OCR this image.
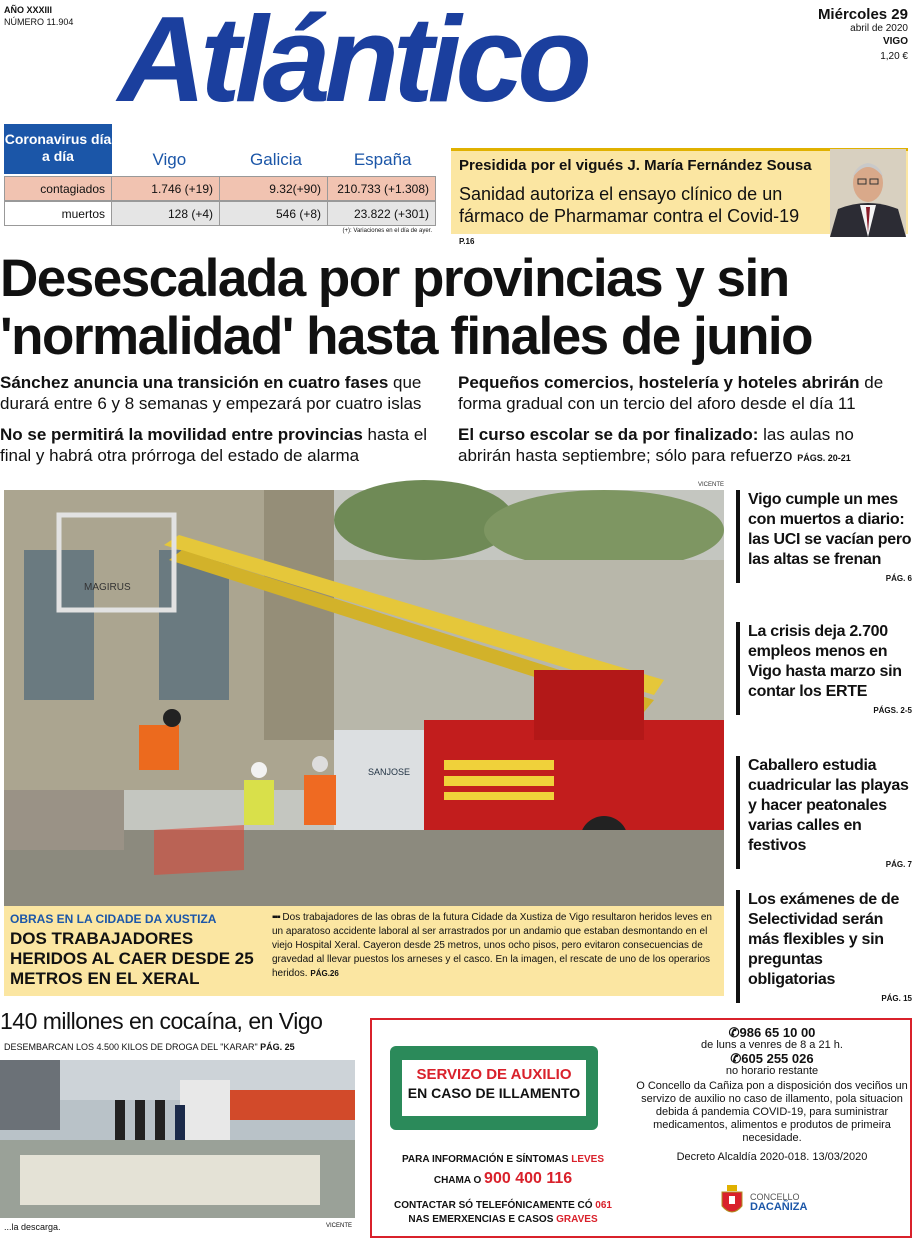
AÑO XXXIII
NÚMERO 11.904 Atlántico	Miércoles 29
abril de 2020
VIGO
1,20 €
Coronavirus día a día	Vigo	Galicia	España
contagiados	1.746 (+19)	9.32(+90)	210.733 (+1.308)
muertos	128 (+4)	546 (+8)	23.822 (+301)
(+): Variaciones en el día de ayer.
Presidida por el vigués J. María Fernández Sousa
Sanidad autoriza el ensayo clínico de un fármaco de Pharmamar contra el Covid-19 P.16
Desescalada por provincias y sin
'normalidad' hasta finales de junio
Sánchez anuncia una transición en cuatro fases que durará entre 6 y 8 semanas y empezará por cuatro islas
Pequeños comercios, hostelería y hoteles abrirán de forma gradual con un tercio del aforo desde el día 11
No se permitirá la movilidad entre provincias hasta el final y habrá otra prórroga del estado de alarma
El curso escolar se da por finalizado: las aulas no abrirán hasta septiembre; sólo para refuerzo PÁGS. 20-21
VICENTE
MAGIRUS
SANJOSE
OBRAS EN LA CIDADE DA XUSTIZA
DOS TRABAJADORES HERIDOS AL CAER DESDE 25 METROS EN EL XERAL
▪▪▪ Dos trabajadores de las obras de la futura Cidade da Xustiza de Vigo resultaron heridos leves en un aparatoso accidente laboral al ser arrastrados por un andamio que estaban desmontando en el viejo Hospital Xeral. Cayeron desde 25 metros, unos ocho pisos, pero evitaron consecuencias de gravedad al llevar puestos los arneses y el casco. En la imagen, el rescate de uno de los operarios heridos. PÁG.26
Vigo cumple un mes con muertos a diario: las UCI se vacían pero las altas se frenan
PÁG. 6
La crisis deja 2.700 empleos menos en Vigo hasta marzo sin contar los ERTE
PÁGS. 2-5
Caballero estudia cuadricular las playas y hacer peatonales varias calles en festivos
PÁG. 7
Los exámenes de de Selectividad serán más flexibles y sin preguntas obligatorias
PÁG. 15
140 millones en cocaína, en Vigo
DESEMBARCAN LOS 4.500 KILOS DE DROGA DEL "KARAR" PÁG. 25
...la descarga.	VICENTE
SERVIZO DE AUXILIO
EN CASO DE ILLAMENTO
PARA INFORMACIÓN E SÍNTOMAS LEVES
CHAMA O 900 400 116
CONTACTAR SÓ TELEFÓNICAMENTE CÓ 061
NAS EMERXENCIAS E CASOS GRAVES
✆986 65 10 00
de luns a venres de 8 a 21 h.
✆605 255 026
no horario restante
O Concello da Cañiza pon a disposición dos veciños un servizo de auxilio no caso de illamento, pola situacion debida á pandemia COVID-19, para suministrar medicamentos, alimentos e produtos de primeira necesidade.
Decreto Alcaldía 2020-018. 13/03/2020
CONCELLO
DACAÑIZA
